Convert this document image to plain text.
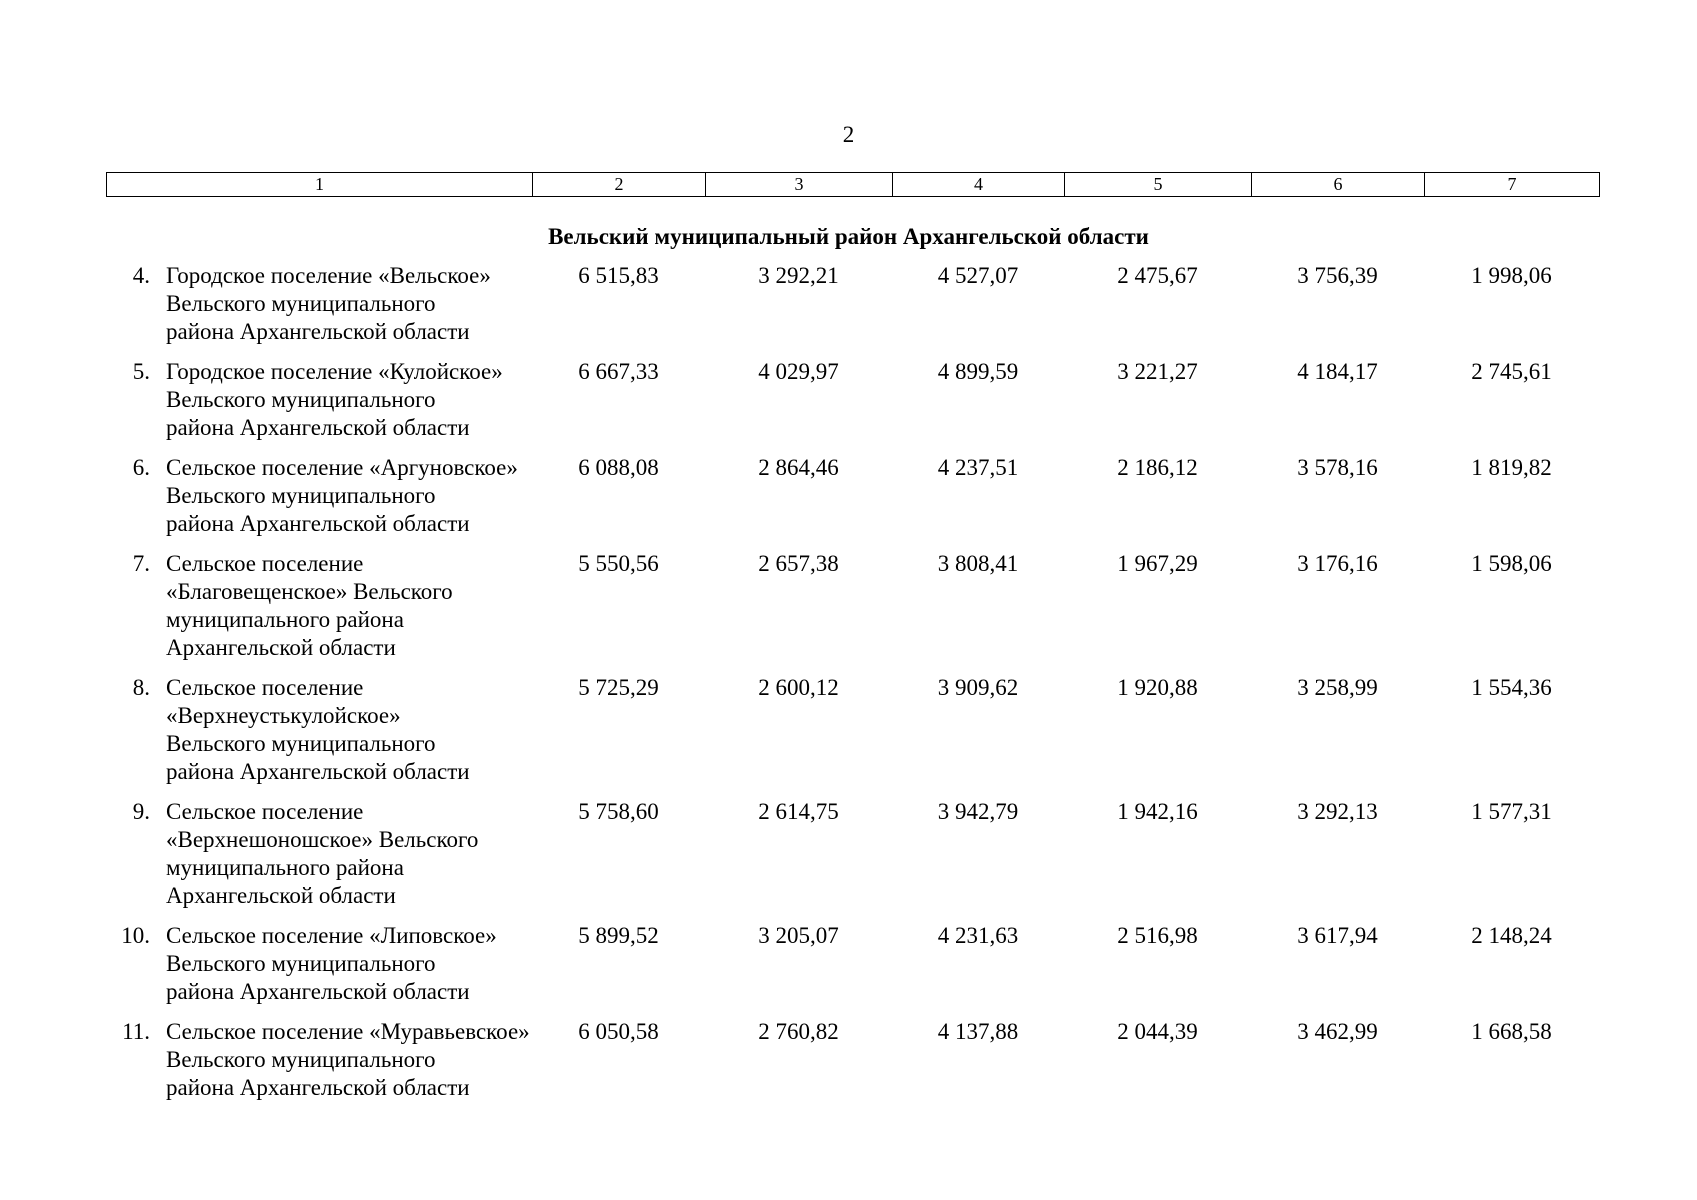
2
1	2	3	4	5	6	7
Вельский муниципальный район Архангельской области
4.	Городское поселение «Вельское»
Вельского муниципального
района Архангельской области	6 515,83	3 292,21	4 527,07	2 475,67	3 756,39	1 998,06
5.	Городское поселение «Кулойское»
Вельского муниципального
района Архангельской области	6 667,33	4 029,97	4 899,59	3 221,27	4 184,17	2 745,61
6.	Сельское поселение «Аргуновское»
Вельского муниципального
района Архангельской области	6 088,08	2 864,46	4 237,51	2 186,12	3 578,16	1 819,82
7.	Сельское поселение
«Благовещенское» Вельского
муниципального района
Архангельской области	5 550,56	2 657,38	3 808,41	1 967,29	3 176,16	1 598,06
8.	Сельское поселение
«Верхнеустькулойское»
Вельского муниципального
района Архангельской области	5 725,29	2 600,12	3 909,62	1 920,88	3 258,99	1 554,36
9.	Сельское поселение
«Верхнешоношское» Вельского
муниципального района
Архангельской области	5 758,60	2 614,75	3 942,79	1 942,16	3 292,13	1 577,31
10.	Сельское поселение «Липовское»
Вельского муниципального
района Архангельской области	5 899,52	3 205,07	4 231,63	2 516,98	3 617,94	2 148,24
11.	Сельское поселение «Муравьевское»
Вельского муниципального
района Архангельской области	6 050,58	2 760,82	4 137,88	2 044,39	3 462,99	1 668,58
